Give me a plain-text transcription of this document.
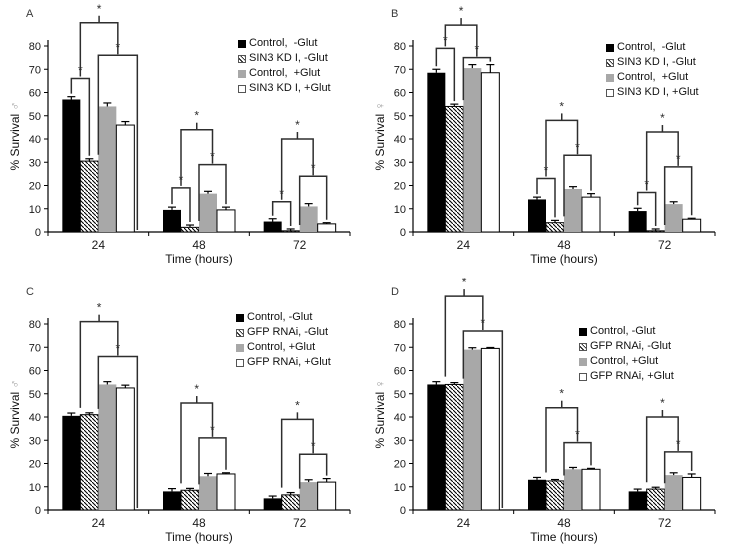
0
10
20
30
40
50
60
70
80
24	48	72
*
*
*
*
*
*
*
*
*
A
% Survival ♂
Control,  -Glut
SIN3 KD I, -Glut
Control,  +Glut
SIN3 KD I, +Glut
Time (hours)
0
10
20
30
40
50
60
70
80
24	48	72
*
*
*
*
*
*
*
*
*
B
% Survival ♀
Control,  -Glut
SIN3 KD I, -Glut
Control,  +Glut
SIN3 KD I, +Glut
Time (hours)
0
10
20
30
40
50
60
70
80
24	48	72
*
*
*
*
*
*
C
% Survival ♂
Control, -Glut
GFP RNAi, -Glut
Control, +Glut
GFP RNAi, +Glut
Time (hours)
0
10
20
30
40
50
60
70
80
24	48	72
*
*
*
*
*
*
D
% Survival ♀
Control, -Glut
GFP RNAi, -Glut
Control, +Glut
GFP RNAi, +Glut
Time (hours)
